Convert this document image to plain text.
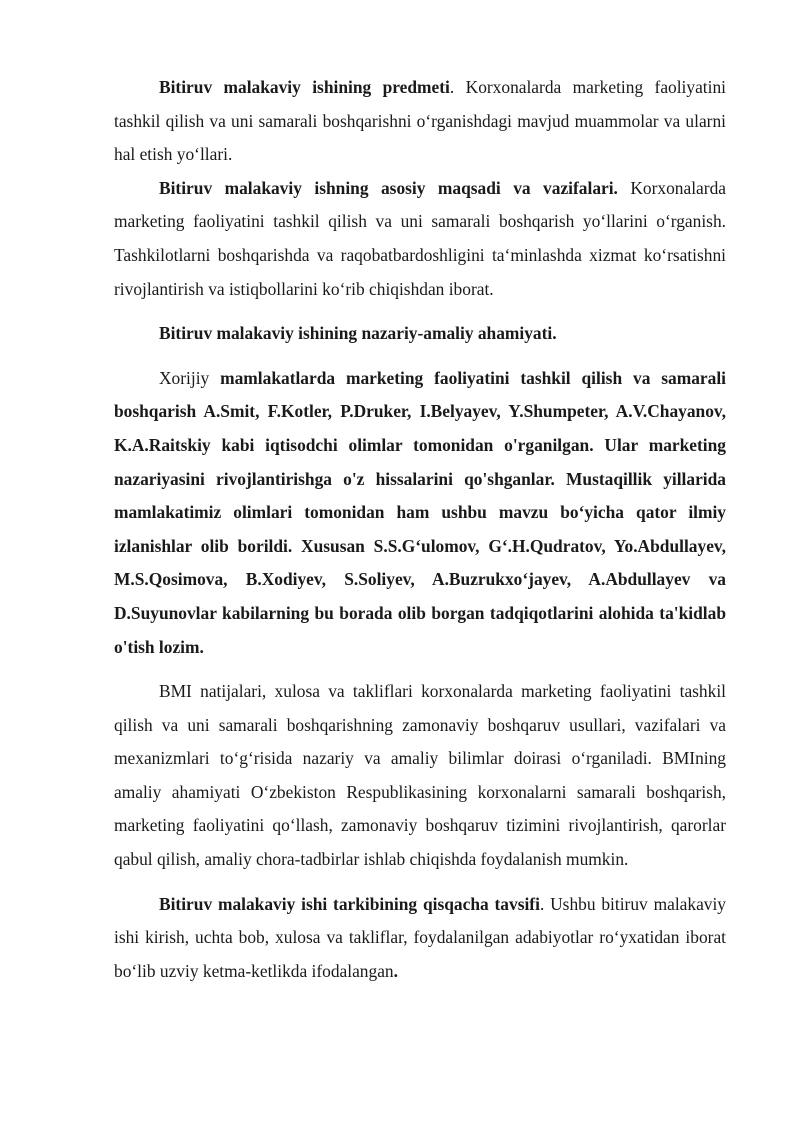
Bitiruv malakaviy ishining predmeti. Korxonalarda marketing faoliyatini tashkil qilish va uni samarali boshqarishni o‘rganishdagi mavjud muammolar va ularni hal etish yo‘llari.

Bitiruv malakaviy ishning asosiy maqsadi va vazifalari. Korxonalarda marketing faoliyatini tashkil qilish va uni samarali boshqarish yo‘llarini o‘rganish. Tashkilotlarni boshqarishda va raqobatbardoshligini ta‘minlashda xizmat ko‘rsatishni rivojlantirish va istiqbollarini ko‘rib chiqishdan iborat.

Bitiruv malakaviy ishining nazariy-amaliy ahamiyati.

Xorijiy mamlakatlarda marketing faoliyatini tashkil qilish va samarali boshqarish A.Smit, F.Kotler, P.Druker, I.Belyayev, Y.Shumpeter, A.V.Chayanov, K.A.Raitskiy kabi iqtisodchi olimlar tomonidan o'rganilgan. Ular marketing nazariyasini rivojlantirishga o'z hissalarini qo'shganlar. Mustaqillik yillarida mamlakatimiz olimlari tomonidan ham ushbu mavzu bo‘yicha qator ilmiy izlanishlar olib borildi. Xususan S.S.G‘ulomov, G‘.H.Qudratov, Yo.Abdullayev, M.S.Qosimova, B.Xodiyev, S.Soliyev, A.Buzrukxo‘jayev, A.Abdullayev va D.Suyunovlar kabilarning bu borada olib borgan tadqiqotlarini alohida ta'kidlab o'tish lozim.

BMI natijalari, xulosa va takliflari korxonalarda marketing faoliyatini tashkil qilish va uni samarali boshqarishning zamonaviy boshqaruv usullari, vazifalari va mexanizmlari to‘g‘risida nazariy va amaliy bilimlar doirasi o‘rganiladi. BMIning amaliy ahamiyati O‘zbekiston Respublikasining korxonalarni samarali boshqarish, marketing faoliyatini qo‘llash, zamonaviy boshqaruv tizimini rivojlantirish, qarorlar qabul qilish, amaliy chora-tadbirlar ishlab chiqishda foydalanish mumkin.

Bitiruv malakaviy ishi tarkibining qisqacha tavsifi. Ushbu bitiruv malakaviy ishi kirish, uchta bob, xulosa va takliflar, foydalanilgan adabiyotlar ro‘yxatidan iborat bo‘lib uzviy ketma-ketlikda ifodalangan.
